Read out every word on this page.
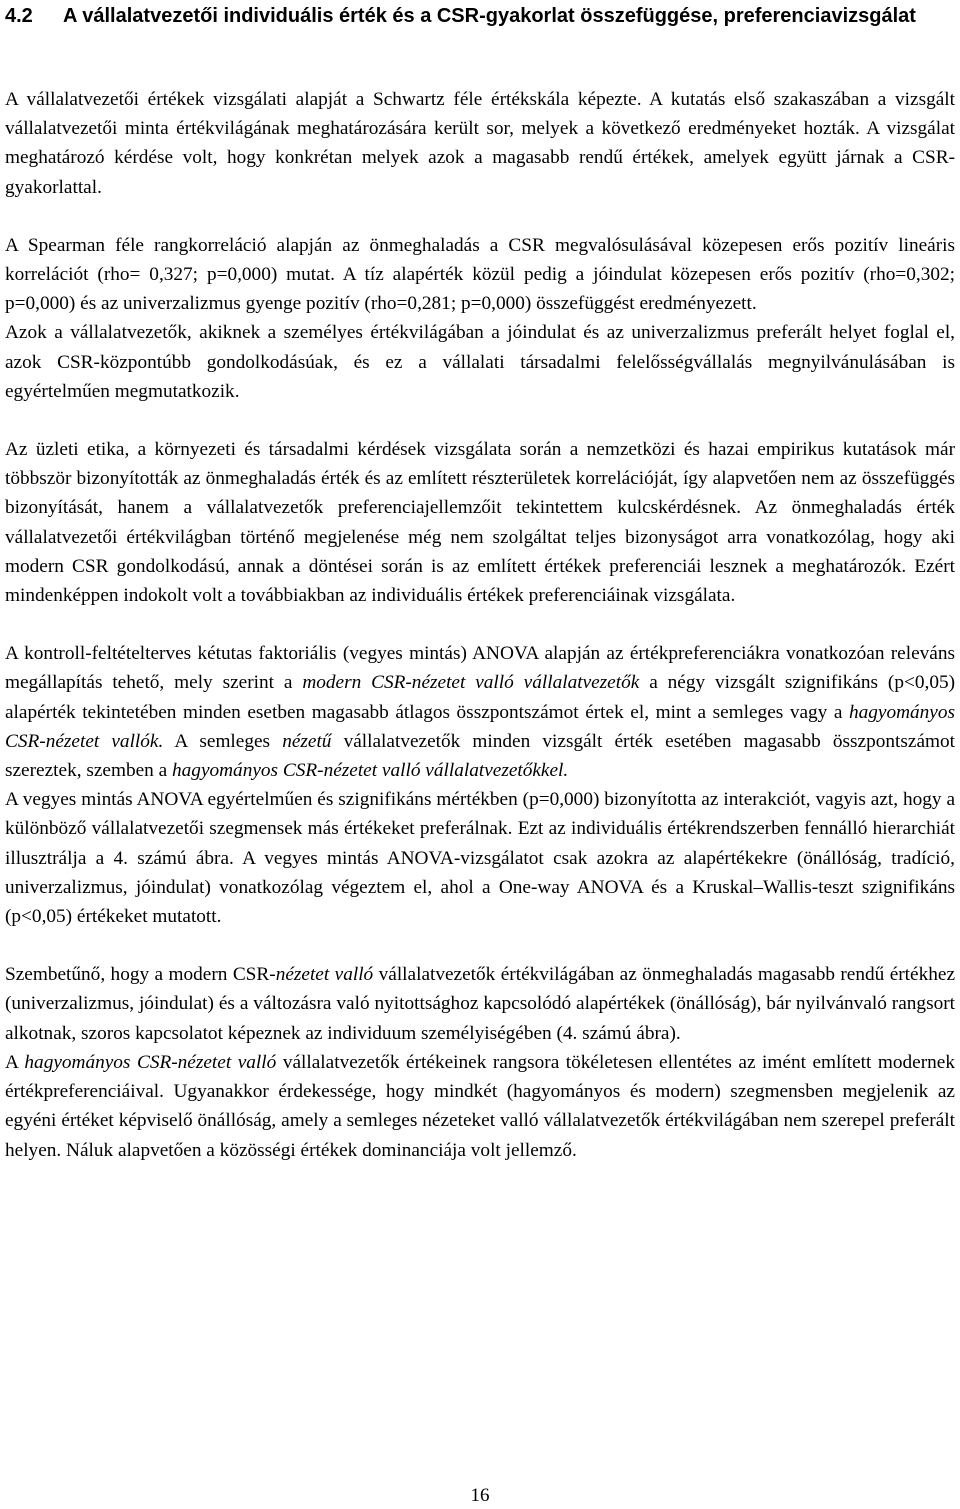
4.2	A vállalatvezetői individuális érték és a CSR-gyakorlat összefüggése, preferenciavizsgálat

A vállalatvezetői értékek vizsgálati alapját a Schwartz féle értékskála képezte. A kutatás első szakaszában a vizsgált vállalatvezetői minta értékvilágának meghatározására került sor, melyek a következő eredményeket hozták. A vizsgálat meghatározó kérdése volt, hogy konkrétan melyek azok a magasabb rendű értékek, amelyek együtt járnak a CSR-gyakorlattal.

A Spearman féle rangkorreláció alapján az önmeghaladás a CSR megvalósulásával közepesen erős pozitív lineáris korrelációt (rho= 0,327; p=0,000) mutat. A tíz alapérték közül pedig a jóindulat közepesen erős pozitív (rho=0,302; p=0,000) és az univerzalizmus gyenge pozitív (rho=0,281; p=0,000) összefüggést eredményezett.

Azok a vállalatvezetők, akiknek a személyes értékvilágában a jóindulat és az univerzalizmus preferált helyet foglal el, azok CSR-központúbb gondolkodásúak, és ez a vállalati társadalmi felelősségvállalás megnyilvánulásában is egyértelműen megmutatkozik.

Az üzleti etika, a környezeti és társadalmi kérdések vizsgálata során a nemzetközi és hazai empirikus kutatások már többször bizonyították az önmeghaladás érték és az említett részterületek korrelációját, így alapvetően nem az összefüggés bizonyítását, hanem a vállalatvezetők preferenciajellemzőit tekintettem kulcskérdésnek. Az önmeghaladás érték vállalatvezetői értékvilágban történő megjelenése még nem szolgáltat teljes bizonyságot arra vonatkozólag, hogy aki modern CSR gondolkodású, annak a döntései során is az említett értékek preferenciái lesznek a meghatározók. Ezért mindenképpen indokolt volt a továbbiakban az individuális értékek preferenciáinak vizsgálata.

A kontroll-feltételterves kétutas faktoriális (vegyes mintás) ANOVA alapján az értékpreferenciákra vonatkozóan releváns megállapítás tehető, mely szerint a modern CSR-nézetet valló vállalatvezetők a négy vizsgált szignifikáns (p<0,05) alapérték tekintetében minden esetben magasabb átlagos összpontszámot értek el, mint a semleges vagy a hagyományos CSR-nézetet vallók. A semleges nézetű vállalatvezetők minden vizsgált érték esetében magasabb összpontszámot szereztek, szemben a hagyományos CSR-nézetet valló vállalatvezetőkkel.

A vegyes mintás ANOVA egyértelműen és szignifikáns mértékben (p=0,000) bizonyította az interakciót, vagyis azt, hogy a különböző vállalatvezetői szegmensek más értékeket preferálnak. Ezt az individuális értékrendszerben fennálló hierarchiát illusztrálja a 4. számú ábra. A vegyes mintás ANOVA-vizsgálatot csak azokra az alapértékekre (önállóság, tradíció, univerzalizmus, jóindulat) vonatkozólag végeztem el, ahol a One-way ANOVA és a Kruskal–Wallis-teszt szignifikáns (p<0,05) értékeket mutatott.

Szembetűnő, hogy a modern CSR-nézetet valló vállalatvezetők értékvilágában az önmeghaladás magasabb rendű értékhez (univerzalizmus, jóindulat) és a változásra való nyitottsághoz kapcsolódó alapértékek (önállóság), bár nyilvánvaló rangsort alkotnak, szoros kapcsolatot képeznek az individuum személyiségében (4. számú ábra).

A hagyományos CSR-nézetet valló vállalatvezetők értékeinek rangsora tökéletesen ellentétes az imént említett modernek értékpreferenciáival. Ugyanakkor érdekessége, hogy mindkét (hagyományos és modern) szegmensben megjelenik az egyéni értéket képviselő önállóság, amely a semleges nézeteket valló vállalatvezetők értékvilágában nem szerepel preferált helyen. Náluk alapvetően a közösségi értékek dominanciája volt jellemző.

16
